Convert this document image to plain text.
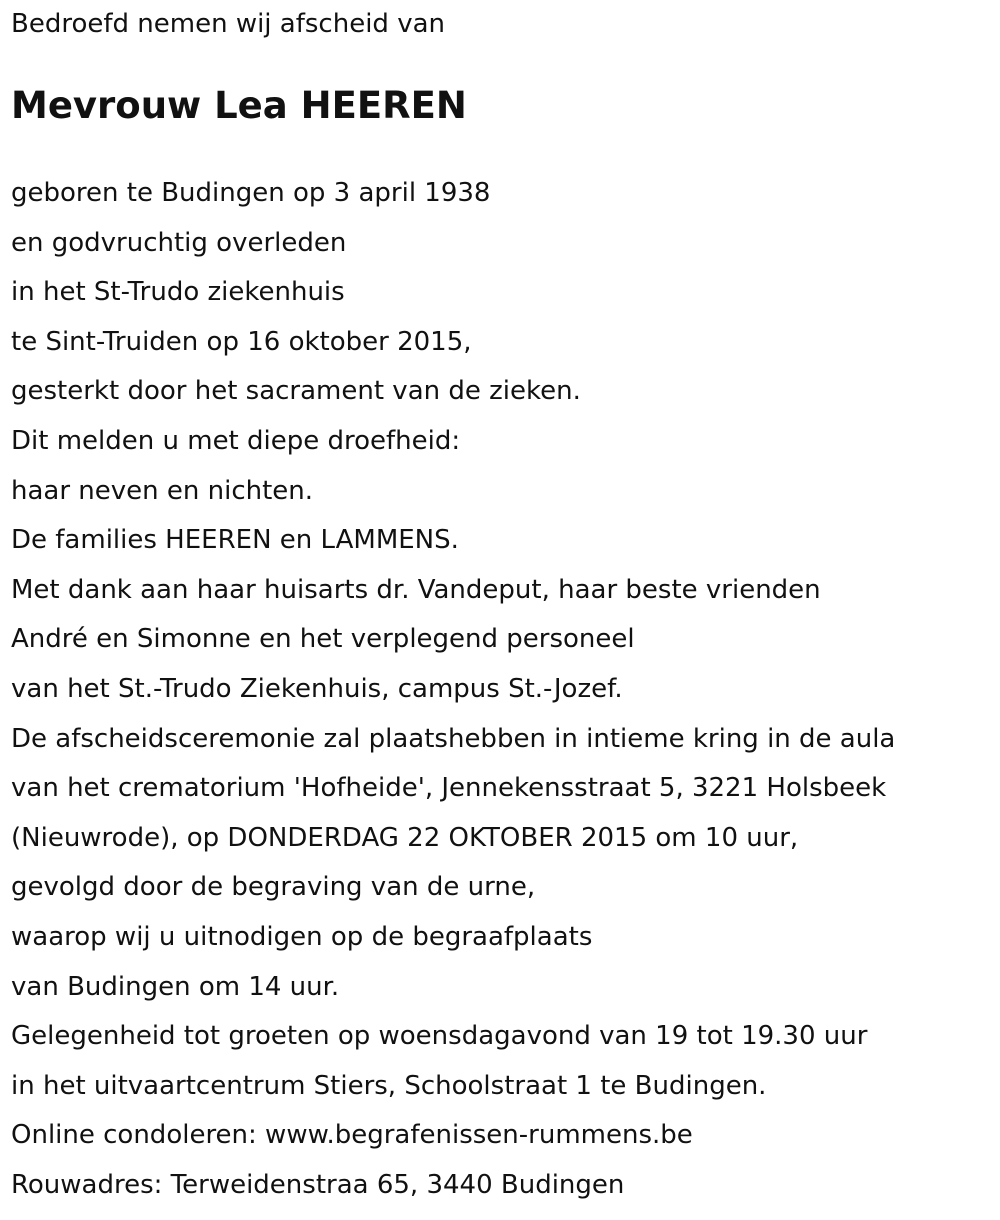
Bedroefd nemen wij afscheid van

Mevrouw Lea HEEREN
geboren te Budingen op 3 april 1938
en godvruchtig overleden
in het St-Trudo ziekenhuis
te Sint-Truiden op 16 oktober 2015,
gesterkt door het sacrament van de zieken.
Dit melden u met diepe droefheid:
haar neven en nichten.
De families HEEREN en LAMMENS.
Met dank aan haar huisarts dr. Vandeput, haar beste vrienden
André en Simonne en het verplegend personeel
van het St.-Trudo Ziekenhuis, campus St.-Jozef.
De afscheidsceremonie zal plaatshebben in intieme kring in de aula
van het crematorium 'Hofheide', Jennekensstraat 5, 3221 Holsbeek
(Nieuwrode), op DONDERDAG 22 OKTOBER 2015 om 10 uur,
gevolgd door de begraving van de urne,
waarop wij u uitnodigen op de begraafplaats
van Budingen om 14 uur.
Gelegenheid tot groeten op woensdagavond van 19 tot 19.30 uur
in het uitvaartcentrum Stiers, Schoolstraat 1 te Budingen.
Online condoleren: www.begrafenissen-rummens.be
Rouwadres: Terweidenstraa 65, 3440 Budingen
